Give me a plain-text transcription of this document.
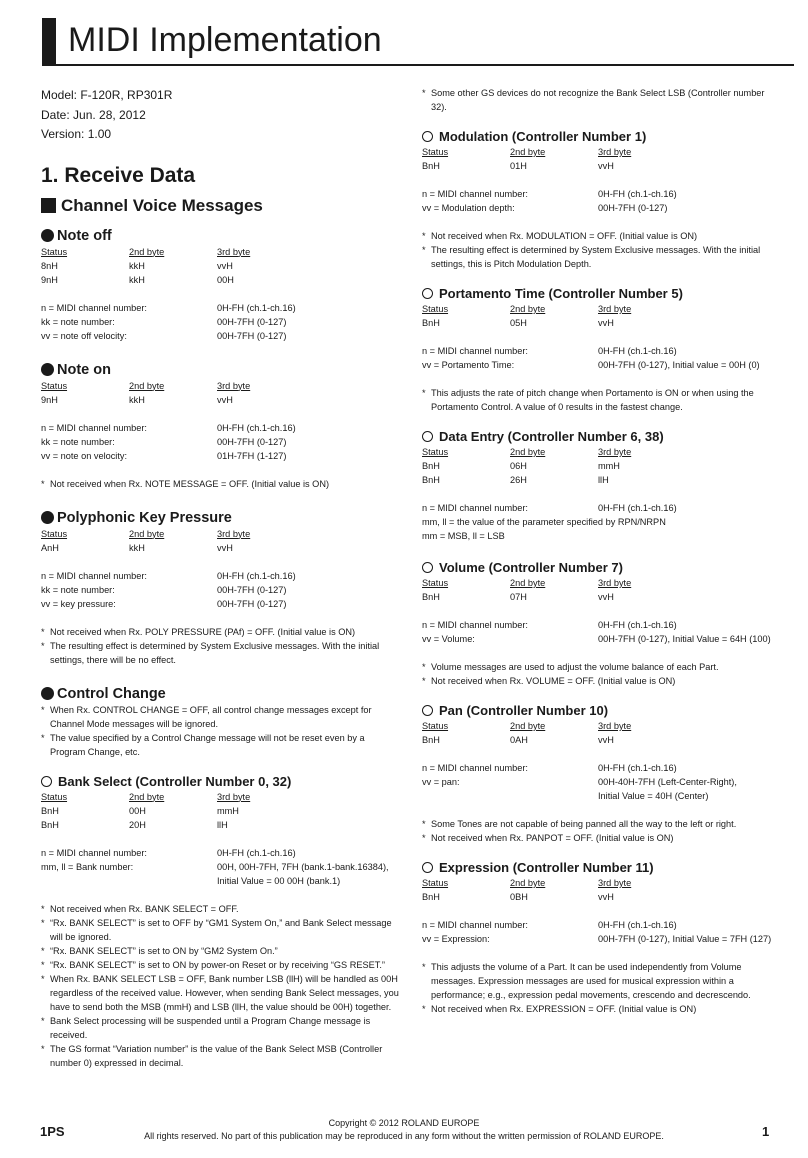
MIDI Implementation
Model: F-120R, RP301R
Date: Jun. 28, 2012
Version: 1.00
1. Receive Data
Channel Voice Messages
Note off
Status	2nd byte	3rd byte
8nH	kkH	vvH
9nH	kkH	00H
n = MIDI channel number:	0H-FH (ch.1-ch.16)
kk = note number:	00H-7FH (0-127)
vv = note off velocity:	00H-7FH (0-127)
Note on
Status	2nd byte	3rd byte
9nH	kkH	vvH
n = MIDI channel number:	0H-FH (ch.1-ch.16)
kk = note number:	00H-7FH (0-127)
vv = note on velocity:	01H-7FH (1-127)
* Not received when Rx. NOTE MESSAGE = OFF. (Initial value is ON)
Polyphonic Key Pressure
Status	2nd byte	3rd byte
AnH	kkH	vvH
n = MIDI channel number:	0H-FH (ch.1-ch.16)
kk = note number:	00H-7FH (0-127)
vv = key pressure:	00H-7FH (0-127)
* Not received when Rx. POLY PRESSURE (PAf) = OFF. (Initial value is ON)
* The resulting effect is determined by System Exclusive messages. With the initial settings, there will be no effect.
Control Change
* When Rx. CONTROL CHANGE = OFF, all control change messages except for Channel Mode messages will be ignored.
* The value specified by a Control Change message will not be reset even by a Program Change, etc.
Bank Select (Controller Number 0, 32)
Status	2nd byte	3rd byte
BnH	00H	mmH
BnH	20H	llH
n = MIDI channel number:	0H-FH (ch.1-ch.16)
mm, ll = Bank number:	00H, 00H-7FH, 7FH (bank.1-bank.16384),
Initial Value = 00 00H (bank.1)
* Not received when Rx. BANK SELECT = OFF.
* “Rx. BANK SELECT” is set to OFF by “GM1 System On,” and Bank Select message will be ignored.
* “Rx. BANK SELECT” is set to ON by “GM2 System On.”
* “Rx. BANK SELECT” is set to ON by power-on Reset or by receiving “GS RESET.”
* When Rx. BANK SELECT LSB = OFF, Bank number LSB (llH) will be handled as 00H regardless of the received value. However, when sending Bank Select messages, you have to send both the MSB (mmH) and LSB (llH, the value should be 00H) together.
* Bank Select processing will be suspended until a Program Change message is received.
* The GS format “Variation number” is the value of the Bank Select MSB (Controller number 0) expressed in decimal.
* Some other GS devices do not recognize the Bank Select LSB (Controller number 32).
Modulation (Controller Number 1)
Status	2nd byte	3rd byte
BnH	01H	vvH
n = MIDI channel number:	0H-FH (ch.1-ch.16)
vv = Modulation depth:	00H-7FH (0-127)
* Not received when Rx. MODULATION = OFF. (Initial value is ON)
* The resulting effect is determined by System Exclusive messages. With the initial settings, this is Pitch Modulation Depth.
Portamento Time (Controller Number 5)
Status	2nd byte	3rd byte
BnH	05H	vvH
n = MIDI channel number:	0H-FH (ch.1-ch.16)
vv = Portamento Time:	00H-7FH (0-127), Initial value = 00H (0)
* This adjusts the rate of pitch change when Portamento is ON or when using the Portamento Control. A value of 0 results in the fastest change.
Data Entry (Controller Number 6, 38)
Status	2nd byte	3rd byte
BnH	06H	mmH
BnH	26H	llH
n = MIDI channel number:	0H-FH (ch.1-ch.16)
mm, ll = the value of the parameter specified by RPN/NRPN
mm = MSB, ll = LSB
Volume (Controller Number 7)
Status	2nd byte	3rd byte
BnH	07H	vvH
n = MIDI channel number:	0H-FH (ch.1-ch.16)
vv = Volume:	00H-7FH (0-127), Initial Value = 64H (100)
* Volume messages are used to adjust the volume balance of each Part.
* Not received when Rx. VOLUME = OFF. (Initial value is ON)
Pan (Controller Number 10)
Status	2nd byte	3rd byte
BnH	0AH	vvH
n = MIDI channel number:	0H-FH (ch.1-ch.16)
vv = pan:	00H-40H-7FH (Left-Center-Right),
Initial Value = 40H (Center)
* Some Tones are not capable of being panned all the way to the left or right.
* Not received when Rx. PANPOT = OFF. (Initial value is ON)
Expression (Controller Number 11)
Status	2nd byte	3rd byte
BnH	0BH	vvH
n = MIDI channel number:	0H-FH (ch.1-ch.16)
vv = Expression:	00H-7FH (0-127), Initial Value = 7FH (127)
* This adjusts the volume of a Part. It can be used independently from Volume messages. Expression messages are used for musical expression within a performance; e.g., expression pedal movements, crescendo and decrescendo.
* Not received when Rx. EXPRESSION = OFF. (Initial value is ON)
1PS
Copyright © 2012 ROLAND EUROPE
All rights reserved. No part of this publication may be reproduced in any form without the written permission of ROLAND EUROPE.	1
